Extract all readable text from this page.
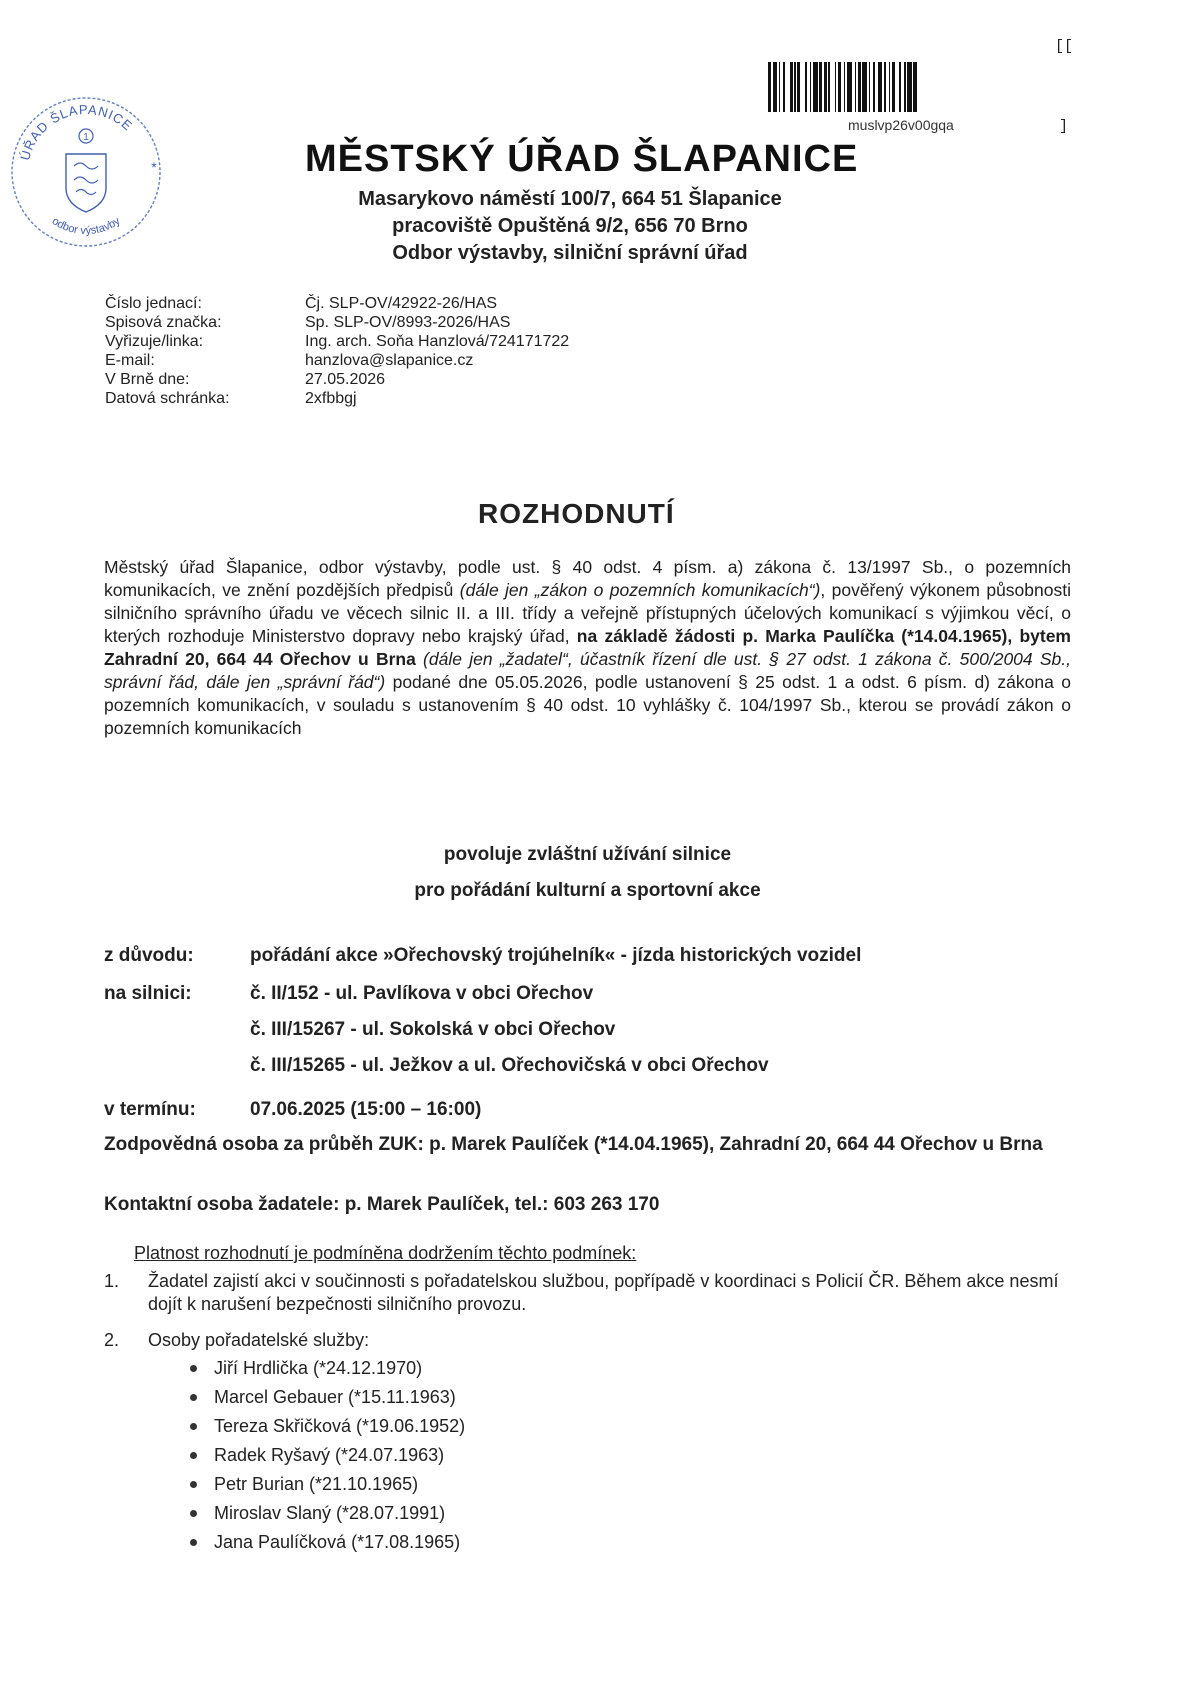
[[
]
muslvp26v00gqa
ÚŘAD ŠLAPANICE
odbor výstavby
1
*	MĚSTSKÝ ÚŘAD ŠLAPANICE
Masarykovo náměstí 100/7, 664 51 Šlapanice
pracoviště Opuštěná 9/2, 656 70 Brno
Odbor výstavby, silniční správní úřad
Číslo jednací:	Čj. SLP-OV/42922-26/HAS
Spisová značka:	Sp. SLP-OV/8993-2026/HAS
Vyřizuje/linka:	Ing. arch. Soňa Hanzlová/724171722
E-mail:	hanzlova@slapanice.cz
V Brně dne:	27.05.2026
Datová schránka:	2xfbbgj
ROZHODNUTÍ
Městský úřad Šlapanice, odbor výstavby, podle ust. § 40 odst. 4 písm. a) zákona č. 13/1997 Sb., o pozemních komunikacích, ve znění pozdějších předpisů (dále jen „zákon o pozemních komunikacích“), pověřený výkonem působnosti silničního správního úřadu ve věcech silnic II. a III. třídy a veřejně přístupných účelových komunikací s výjimkou věcí, o kterých rozhoduje Ministerstvo dopravy nebo krajský úřad, na základě žádosti p. Marka Paulíčka (*14.04.1965), bytem Zahradní 20, 664 44 Ořechov u Brna (dále jen „žadatel“, účastník řízení dle ust. § 27 odst. 1 zákona č. 500/2004 Sb., správní řád, dále jen „správní řád“) podané dne 05.05.2026, podle ustanovení § 25 odst. 1 a odst. 6 písm. d) zákona o pozemních komunikacích, v souladu s ustanovením § 40 odst. 10 vyhlášky č. 104/1997 Sb., kterou se provádí zákon o pozemních komunikacích
povoluje zvláštní užívání silnice
pro pořádání kulturní a sportovní akce
z důvodu:	pořádání akce »Ořechovský trojúhelník« - jízda historických vozidel
na silnici:	č. II/152 - ul. Pavlíkova v obci Ořechov
č. III/15267 - ul. Sokolská v obci Ořechov
č. III/15265 - ul. Ježkov a ul. Ořechovičská v obci Ořechov
v termínu:	07.06.2025 (15:00 – 16:00)
Zodpovědná osoba za průběh ZUK: p. Marek Paulíček (*14.04.1965), Zahradní 20, 664 44 Ořechov u Brna
Kontaktní osoba žadatele: p. Marek Paulíček, tel.: 603 263 170
Platnost rozhodnutí je podmíněna dodržením těchto podmínek:
1. Žadatel zajistí akci v součinnosti s pořadatelskou službou, popřípadě v koordinaci s Policií ČR. Během akce nesmí dojít k narušení bezpečnosti silničního provozu.
2. Osoby pořadatelské služby:
Jiří Hrdlička (*24.12.1970)
Marcel Gebauer (*15.11.1963)
Tereza Skřičková (*19.06.1952)
Radek Ryšavý (*24.07.1963)
Petr Burian (*21.10.1965)
Miroslav Slaný (*28.07.1991)
Jana Paulíčková (*17.08.1965)
